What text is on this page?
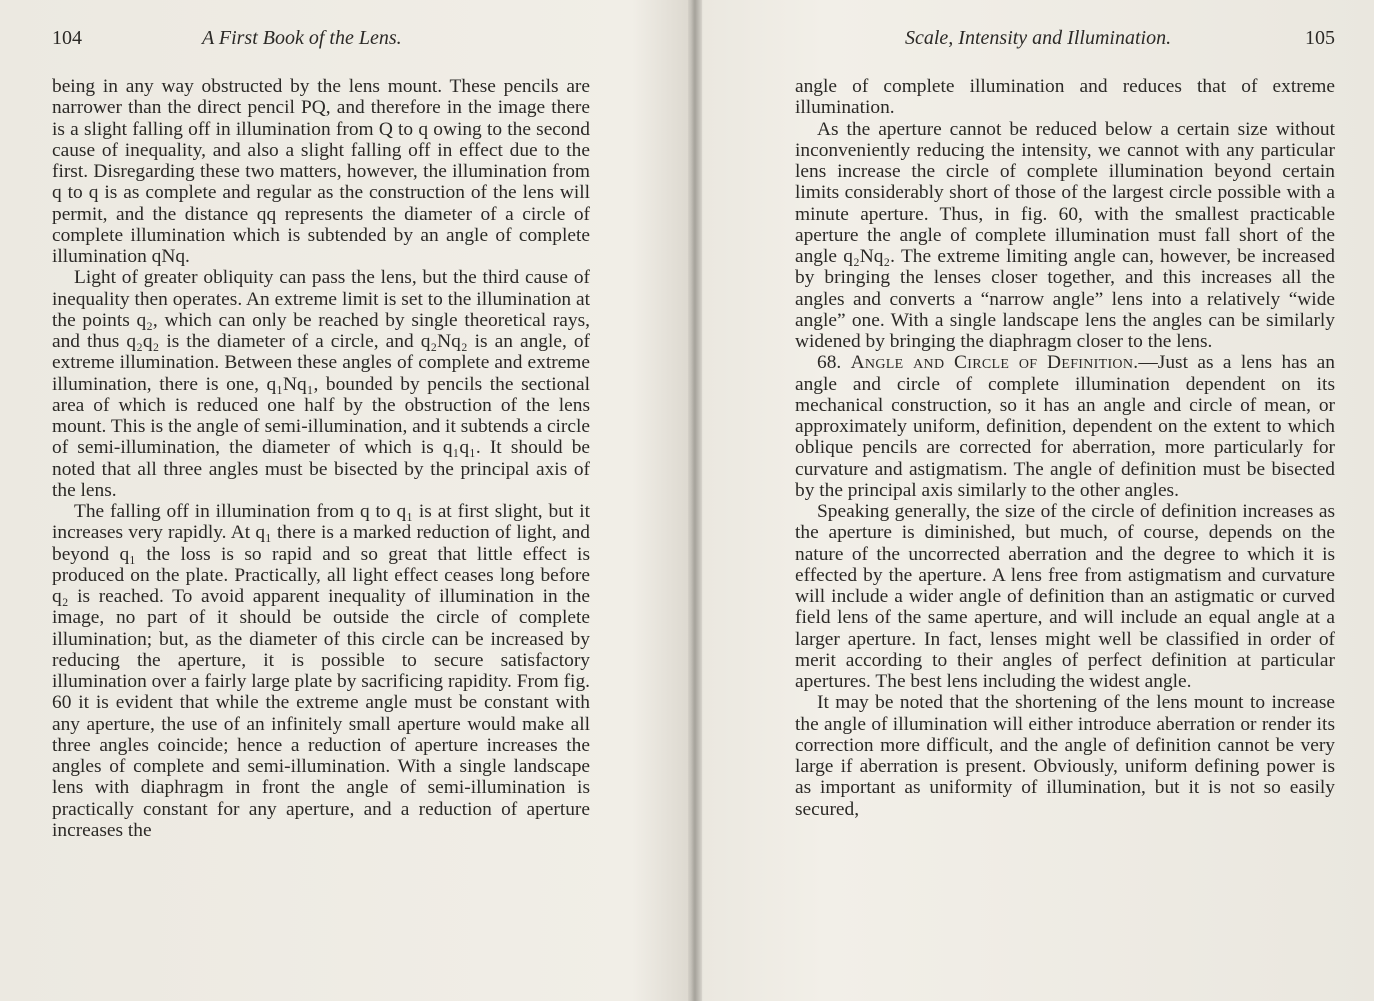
104	A First Book of the Lens.

being in any way obstructed by the lens mount. These pencils are narrower than the direct pencil PQ, and therefore in the image there is a slight falling off in illumination from Q to q owing to the second cause of inequality, and also a slight falling off in effect due to the first. Disregarding these two matters, however, the illumination from q to q is as complete and regular as the construction of the lens will permit, and the distance qq represents the diameter of a circle of complete illumination which is subtended by an angle of complete illumination qNq.

Light of greater obliquity can pass the lens, but the third cause of inequality then operates. An extreme limit is set to the illumination at the points q₂, which can only be reached by single theoretical rays, and thus q₂q₂ is the diameter of a circle, and q₂Nq₂ is an angle, of extreme illumination. Between these angles of complete and extreme illumination, there is one, q₁Nq₁, bounded by pencils the sectional area of which is reduced one half by the obstruction of the lens mount. This is the angle of semi-illumination, and it subtends a circle of semi-illumination, the diameter of which is q₁q₁. It should be noted that all three angles must be bisected by the principal axis of the lens.

The falling off in illumination from q to q₁ is at first slight, but it increases very rapidly. At q₁ there is a marked reduction of light, and beyond q₁ the loss is so rapid and so great that little effect is produced on the plate. Practically, all light effect ceases long before q₂ is reached. To avoid apparent inequality of illumination in the image, no part of it should be outside the circle of complete illumination; but, as the diameter of this circle can be increased by reducing the aperture, it is possible to secure satisfactory illumination over a fairly large plate by sacrificing rapidity. From fig. 60 it is evident that while the extreme angle must be constant with any aperture, the use of an infinitely small aperture would make all three angles coincide; hence a reduction of aperture increases the angles of complete and semi-illumination. With a single landscape lens with diaphragm in front the angle of semi-illumination is practically constant for any aperture, and a reduction of aperture increases the

Scale, Intensity and Illumination.	105

angle of complete illumination and reduces that of extreme illumination.

As the aperture cannot be reduced below a certain size without inconveniently reducing the intensity, we cannot with any particular lens increase the circle of complete illumination beyond certain limits considerably short of those of the largest circle possible with a minute aperture. Thus, in fig. 60, with the smallest practicable aperture the angle of complete illumination must fall short of the angle q₂Nq₂. The extreme limiting angle can, however, be increased by bringing the lenses closer together, and this increases all the angles and converts a “narrow angle” lens into a relatively “wide angle” one. With a single landscape lens the angles can be similarly widened by bringing the diaphragm closer to the lens.

68. Angle and Circle of Definition.—Just as a lens has an angle and circle of complete illumination dependent on its mechanical construction, so it has an angle and circle of mean, or approximately uniform, definition, dependent on the extent to which oblique pencils are corrected for aberration, more particularly for curvature and astigmatism. The angle of definition must be bisected by the principal axis similarly to the other angles.

Speaking generally, the size of the circle of definition increases as the aperture is diminished, but much, of course, depends on the nature of the uncorrected aberration and the degree to which it is effected by the aperture. A lens free from astigmatism and curvature will include a wider angle of definition than an astigmatic or curved field lens of the same aperture, and will include an equal angle at a larger aperture. In fact, lenses might well be classified in order of merit according to their angles of perfect definition at particular apertures. The best lens including the widest angle.

It may be noted that the shortening of the lens mount to increase the angle of illumination will either introduce aberration or render its correction more difficult, and the angle of definition cannot be very large if aberration is present. Obviously, uniform defining power is as important as uniformity of illumination, but it is not so easily secured,
